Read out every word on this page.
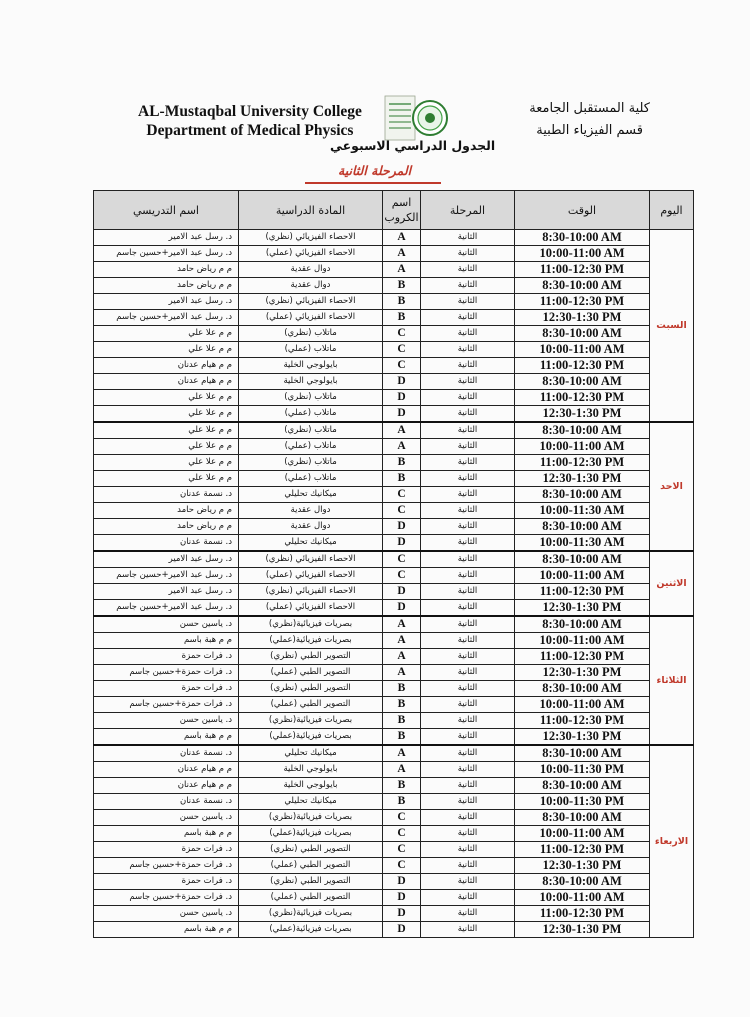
AL-Mustaqbal University College
Department of Medical Physics
كلية المستقبل الجامعة
قسم الفيزياء الطبية
الجدول الدراسي الاسبوعي
المرحلة الثانية
اسم التدريسي	المادة الدراسية	اسم الكروب	المرحلة	الوقت	اليوم
د. رسل عبد الامير	الاحصاء الفيزيائي (نظري)	A	الثانية	8:30-10:00 AM	السبت
د. رسل عبد الامير+حسين جاسم	الاحصاء الفيزيائي (عملي)	A	الثانية	10:00-11:00 AM	
م م رياض حامد	دوال عقدية	A	الثانية	11:00-12:30 PM	
م م رياض حامد	دوال عقدية	B	الثانية	8:30-10:00 AM	
د. رسل عبد الامير	الاحصاء الفيزيائي (نظري)	B	الثانية	11:00-12:30 PM	
د. رسل عبد الامير+حسين جاسم	الاحصاء الفيزيائي (عملي)	B	الثانية	12:30-1:30 PM	
م م علا علي	ماتلاب (نظري)	C	الثانية	8:30-10:00 AM	
م م علا علي	ماتلاب (عملي)	C	الثانية	10:00-11:00 AM	
م م هيام عدنان	بايولوجي الخلية	C	الثانية	11:00-12:30 PM	
م م هيام عدنان	بايولوجي الخلية	D	الثانية	8:30-10:00 AM	
م م علا علي	ماتلاب (نظري)	D	الثانية	11:00-12:30 PM	
م م علا علي	ماتلاب (عملي)	D	الثانية	12:30-1:30 PM	
م م علا علي	ماتلاب (نظري)	A	الثانية	8:30-10:00 AM	الاحد
م م علا علي	ماتلاب (عملي)	A	الثانية	10:00-11:00 AM	
م م علا علي	ماتلاب (نظري)	B	الثانية	11:00-12:30 PM	
م م علا علي	ماتلاب (عملي)	B	الثانية	12:30-1:30 PM	
د. نسمة عدنان	ميكانيك تحليلي	C	الثانية	8:30-10:00 AM	
م م رياض حامد	دوال عقدية	C	الثانية	10:00-11:30 AM	
م م رياض حامد	دوال عقدية	D	الثانية	8:30-10:00 AM	
د. نسمة عدنان	ميكانيك تحليلي	D	الثانية	10:00-11:30 AM	
د. رسل عبد الامير	الاحصاء الفيزيائي (نظري)	C	الثانية	8:30-10:00 AM	الاثنين
د. رسل عبد الامير+حسين جاسم	الاحصاء الفيزيائي (عملي)	C	الثانية	10:00-11:00 AM	
د. رسل عبد الامير	الاحصاء الفيزيائي (نظري)	D	الثانية	11:00-12:30 PM	
د. رسل عبد الامير+حسين جاسم	الاحصاء الفيزيائي (عملي)	D	الثانية	12:30-1:30 PM	
د. ياسين حسن	بصريات فيزيائية(نظري)	A	الثانية	8:30-10:00 AM	الثلاثاء
م م هبة باسم	بصريات فيزيائية(عملي)	A	الثانية	10:00-11:00 AM	
د. فرات حمزة	التصوير الطبي (نظري)	A	الثانية	11:00-12:30 PM	
د. فرات حمزة+حسين جاسم	التصوير الطبي (عملي)	A	الثانية	12:30-1:30 PM	
د. فرات حمزة	التصوير الطبي (نظري)	B	الثانية	8:30-10:00 AM	
د. فرات حمزة+حسين جاسم	التصوير الطبي (عملي)	B	الثانية	10:00-11:00 AM	
د. ياسين حسن	بصريات فيزيائية(نظري)	B	الثانية	11:00-12:30 PM	
م م هبة باسم	بصريات فيزيائية(عملي)	B	الثانية	12:30-1:30 PM	
د. نسمة عدنان	ميكانيك تحليلي	A	الثانية	8:30-10:00 AM	الاربعاء
م م هيام عدنان	بايولوجي الخلية	A	الثانية	10:00-11:30 PM	
م م هيام عدنان	بايولوجي الخلية	B	الثانية	8:30-10:00 AM	
د. نسمة عدنان	ميكانيك تحليلي	B	الثانية	10:00-11:30 PM	
د. ياسين حسن	بصريات فيزيائية(نظري)	C	الثانية	8:30-10:00 AM	
م م هبة باسم	بصريات فيزيائية(عملي)	C	الثانية	10:00-11:00 AM	
د. فرات حمزة	التصوير الطبي (نظري)	C	الثانية	11:00-12:30 PM	
د. فرات حمزة+حسين جاسم	التصوير الطبي (عملي)	C	الثانية	12:30-1:30 PM	
د. فرات حمزة	التصوير الطبي (نظري)	D	الثانية	8:30-10:00 AM	
د. فرات حمزة+حسين جاسم	التصوير الطبي (عملي)	D	الثانية	10:00-11:00 AM	
د. ياسين حسن	بصريات فيزيائية(نظري)	D	الثانية	11:00-12:30 PM	
م م هبة باسم	بصريات فيزيائية(عملي)	D	الثانية	12:30-1:30 PM	
